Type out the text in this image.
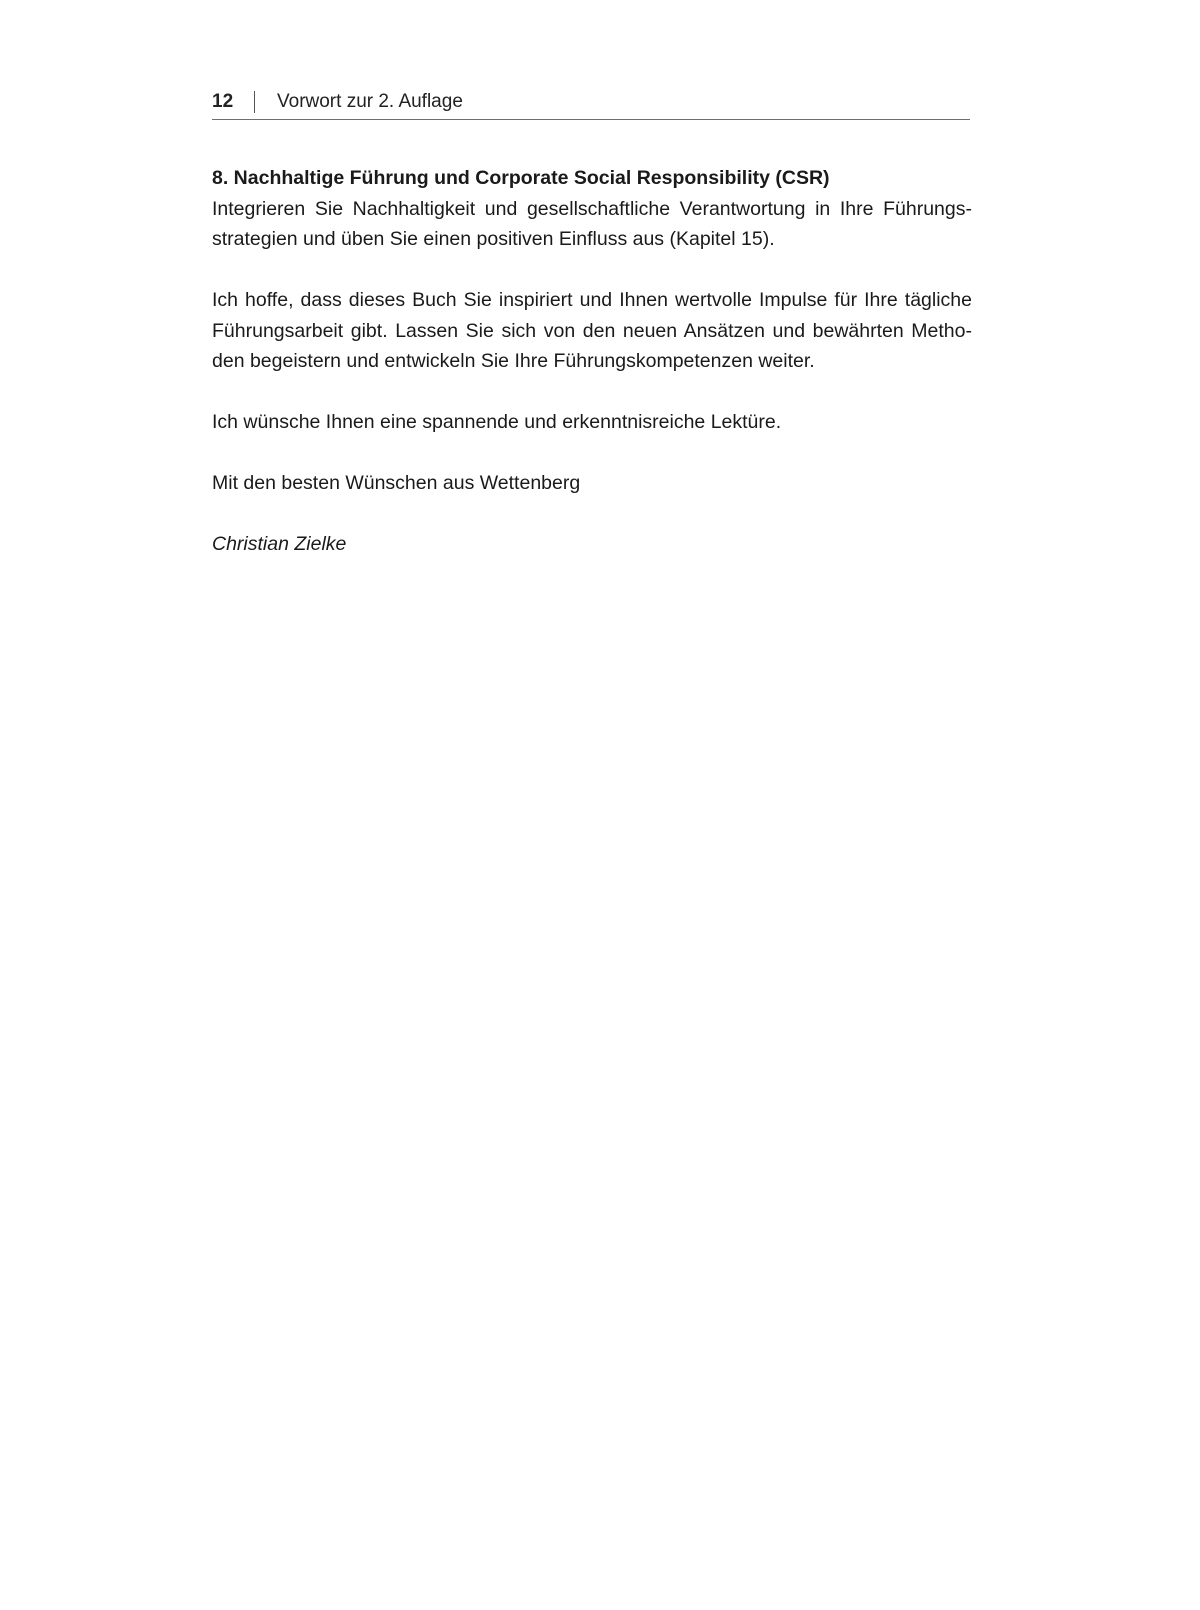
12	Vorwort zur 2. Auflage

8. Nachhaltige Führung und Corporate Social Responsibility (CSR)
Integrieren Sie Nachhaltigkeit und gesellschaftliche Verantwortung in Ihre Führungs-
strategien und üben Sie einen positiven Einfluss aus (Kapitel 15).

Ich hoffe, dass dieses Buch Sie inspiriert und Ihnen wertvolle Impulse für Ihre tägliche
Führungsarbeit gibt. Lassen Sie sich von den neuen Ansätzen und bewährten Metho-
den begeistern und entwickeln Sie Ihre Führungskompetenzen weiter.

Ich wünsche Ihnen eine spannende und erkenntnisreiche Lektüre.

Mit den besten Wünschen aus Wettenberg

Christian Zielke
